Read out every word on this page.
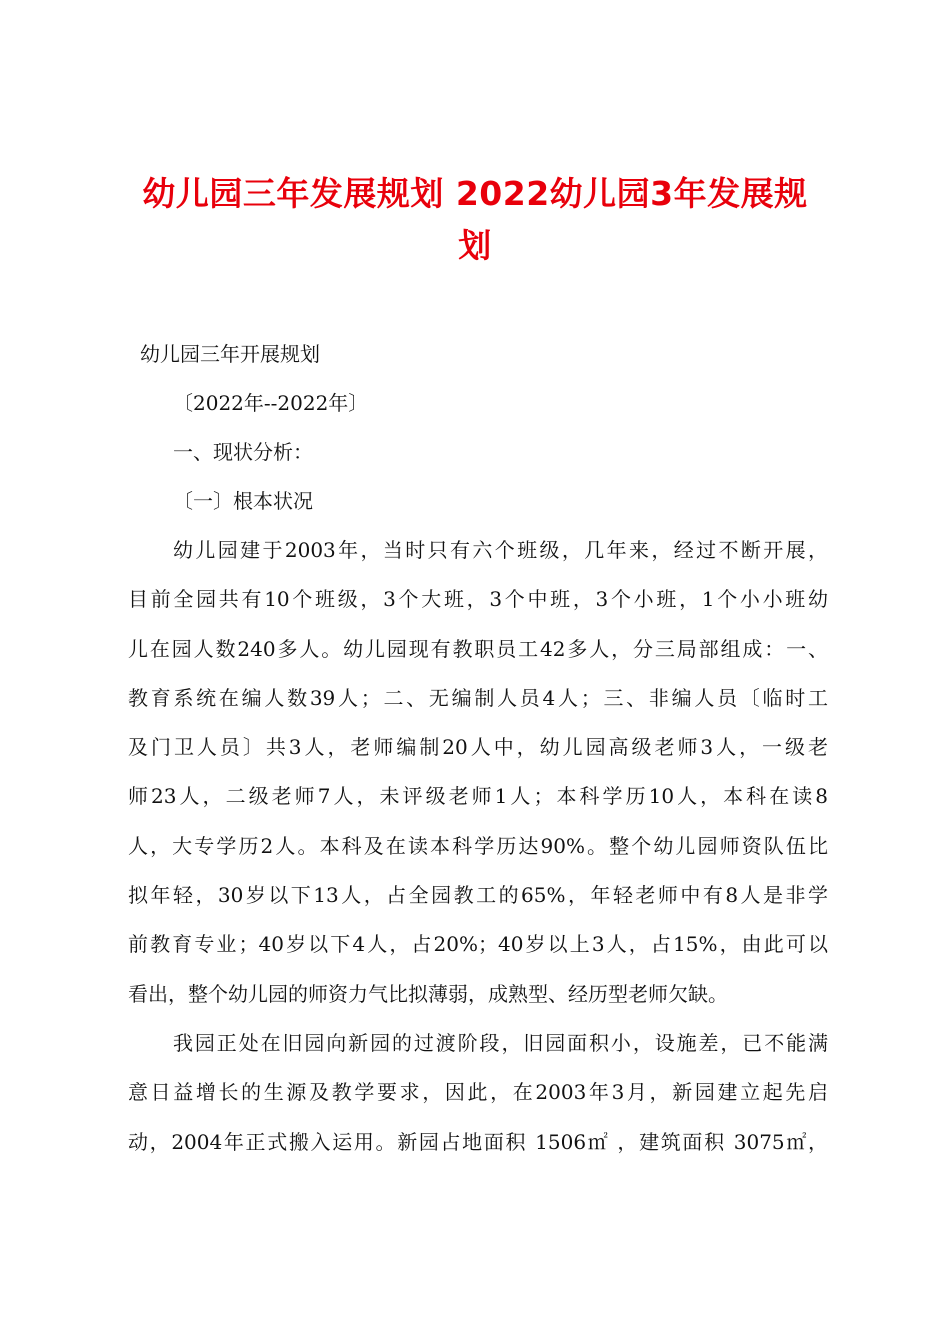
幼儿园三年发展规划 2022幼儿园3年发展规
划

幼儿园三年开展规划

〔2022年--2022年〕

一、现状分析：

〔一〕根本状况

幼儿园建于2003年，当时只有六个班级，几年来，经过不断开展，

目前全园共有10个班级，3个大班，3个中班，3个小班，1个小小班幼

儿在园人数240多人。幼儿园现有教职员工42多人，分三局部组成：一、

教育系统在编人数39人；二、无编制人员4人；三、非编人员〔临时工

及门卫人员〕共3人，老师编制20人中，幼儿园高级老师3人，一级老

师23人，二级老师7人，未评级老师1人；本科学历10人，本科在读8

人，大专学历2人。本科及在读本科学历达90%。整个幼儿园师资队伍比

拟年轻，30岁以下13人，占全园教工的65%，年轻老师中有8人是非学

前教育专业；40岁以下4人，占20%；40岁以上3人，占15%，由此可以

看出，整个幼儿园的师资力气比拟薄弱，成熟型、经历型老师欠缺。

我园正处在旧园向新园的过渡阶段，旧园面积小，设施差，已不能满

意日益增长的生源及教学要求，因此，在2003年3月，新园建立起先启

动，2004年正式搬入运用。新园占地面积 1506㎡ ，建筑面积 3075㎡，
